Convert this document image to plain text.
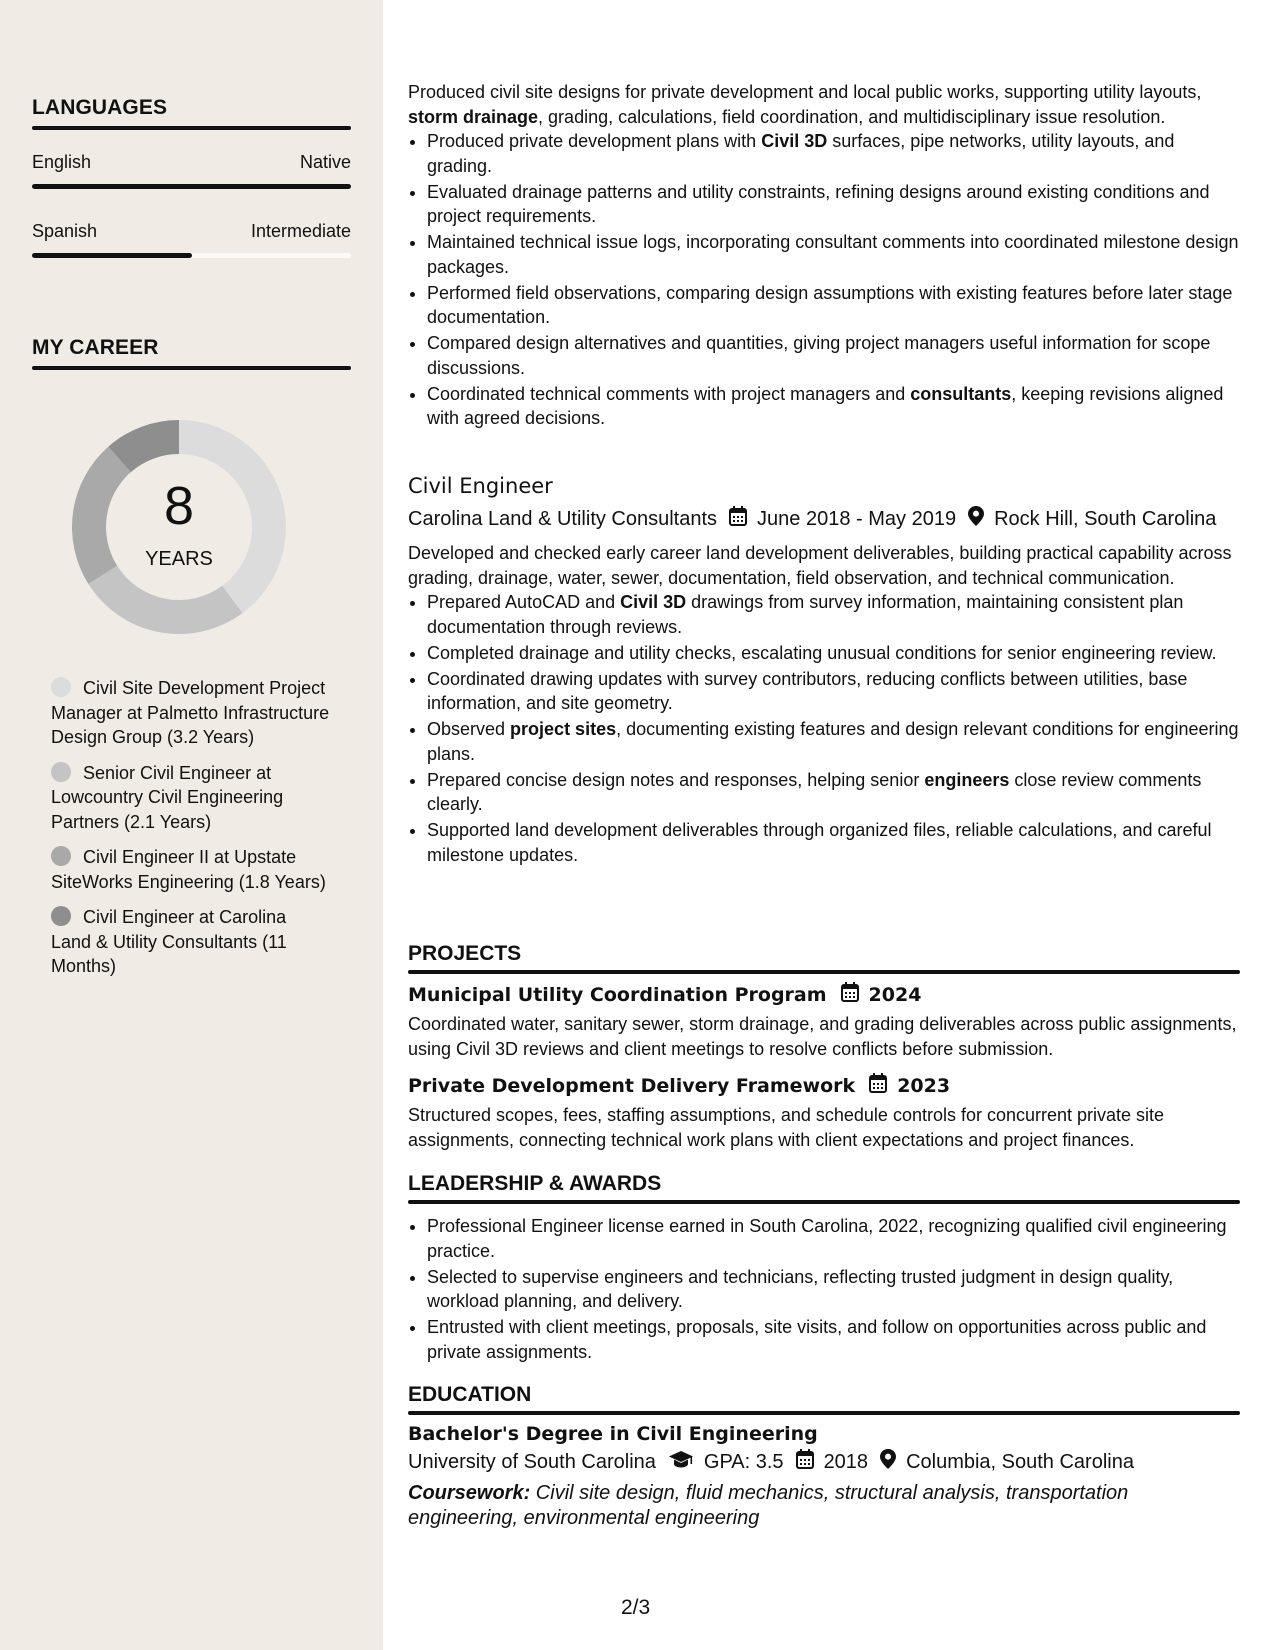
LANGUAGES
English	Native
Spanish	Intermediate
MY CAREER
8
YEARS
Civil Site Development Project Manager at Palmetto Infrastructure Design Group (3.2 Years)
Senior Civil Engineer at Lowcountry Civil Engineering Partners (2.1 Years)
Civil Engineer II at Upstate SiteWorks Engineering (1.8 Years)
Civil Engineer at Carolina Land & Utility Consultants (11 Months)

Produced civil site designs for private development and local public works, supporting utility layouts, storm drainage, grading, calculations, field coordination, and multidisciplinary issue resolution.

• Produced private development plans with Civil 3D surfaces, pipe networks, utility layouts, and grading.
• Evaluated drainage patterns and utility constraints, refining designs around existing conditions and project requirements.
• Maintained technical issue logs, incorporating consultant comments into coordinated milestone design packages.
• Performed field observations, comparing design assumptions with existing features before later stage documentation.
• Compared design alternatives and quantities, giving project managers useful information for scope discussions.
• Coordinated technical comments with project managers and consultants, keeping revisions aligned with agreed decisions.
Civil Engineer
Carolina Land & Utility Consultants June 2018 - May 2019 Rock Hill, South Carolina

Developed and checked early career land development deliverables, building practical capability across grading, drainage, water, sewer, documentation, field observation, and technical communication.

• Prepared AutoCAD and Civil 3D drawings from survey information, maintaining consistent plan documentation through reviews.
• Completed drainage and utility checks, escalating unusual conditions for senior engineering review.
• Coordinated drawing updates with survey contributors, reducing conflicts between utilities, base information, and site geometry.
• Observed project sites, documenting existing features and design relevant conditions for engineering plans.
• Prepared concise design notes and responses, helping senior engineers close review comments clearly.
• Supported land development deliverables through organized files, reliable calculations, and careful milestone updates.
PROJECTS
Municipal Utility Coordination Program 2024

Coordinated water, sanitary sewer, storm drainage, and grading deliverables across public assignments, using Civil 3D reviews and client meetings to resolve conflicts before submission.

Private Development Delivery Framework 2023

Structured scopes, fees, staffing assumptions, and schedule controls for concurrent private site assignments, connecting technical work plans with client expectations and project finances.

LEADERSHIP & AWARDS
• Professional Engineer license earned in South Carolina, 2022, recognizing qualified civil engineering practice.
• Selected to supervise engineers and technicians, reflecting trusted judgment in design quality, workload planning, and delivery.
• Entrusted with client meetings, proposals, site visits, and follow on opportunities across public and private assignments.
EDUCATION
Bachelor's Degree in Civil Engineering
University of South Carolina GPA: 3.5 2018 Columbia, South Carolina

Coursework: Civil site design, fluid mechanics, structural analysis, transportation engineering, environmental engineering

2/3
